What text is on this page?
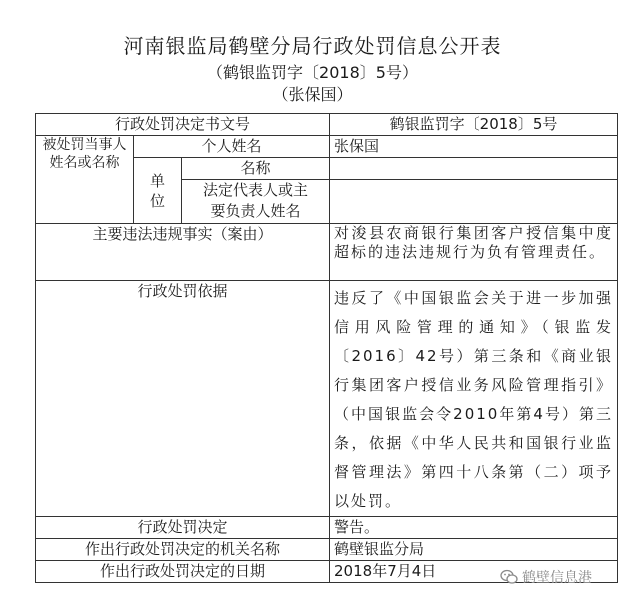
河南银监局鹤壁分局行政处罚信息公开表
（鹤银监罚字〔2018〕5号）
（张保国）
行政处罚决定书文号			鹤银监罚字〔2018〕5号
被处罚当事人姓名或名称	个人姓名		张保国
	单位	名称	
		法定代表人或主要负责人姓名	
主要违法违规事实（案由）			对浚县农商银行集团客户授信集中度超标的违法违规行为负有管理责任。
行政处罚依据			违反了《中国银监会关于进一步加强信用风险管理的通知》（银监发〔2016〕42号）第三条和《商业银行集团客户授信业务风险管理指引》（中国银监会令2010年第4号）第三条，依据《中华人民共和国银行业监督管理法》第四十八条第（二）项予以处罚。
行政处罚决定			警告。
作出行政处罚决定的机关名称			鹤壁银监分局
作出行政处罚决定的日期			2018年7月4日	鹤壁信息港
